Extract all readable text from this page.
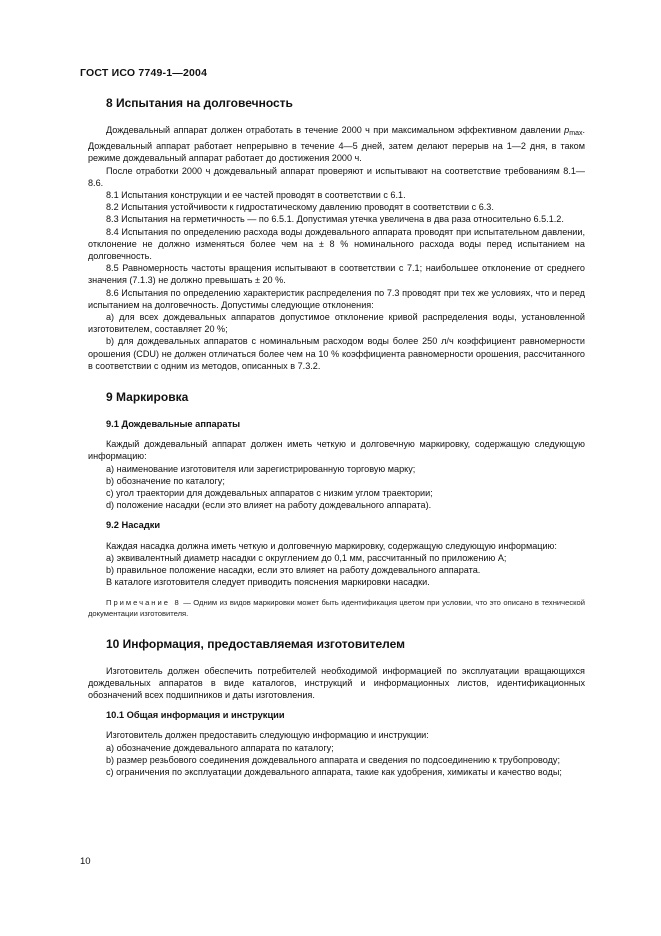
ГОСТ ИСО 7749-1—2004
8 Испытания на долговечность

Дождевальный аппарат должен отработать в течение 2000 ч при максимальном эффективном давлении $p_{max}$. Дождевальный аппарат работает непрерывно в течение 4—5 дней, затем делают перерыв на 1—2 дня, в таком режиме дождевальный аппарат работает до достижения 2000 ч.

После отработки 2000 ч дождевальный аппарат проверяют и испытывают на соответствие требованиям 8.1—8.6.

8.1 Испытания конструкции и ее частей проводят в соответствии с 6.1.

8.2 Испытания устойчивости к гидростатическому давлению проводят в соответствии с 6.3.

8.3 Испытания на герметичность — по 6.5.1. Допустимая утечка увеличена в два раза относительно 6.5.1.2.

8.4 Испытания по определению расхода воды дождевального аппарата проводят при испытательном давлении, отклонение не должно изменяться более чем на ± 8 % номинального расхода воды перед испытанием на долговечность.

8.5 Равномерность частоты вращения испытывают в соответствии с 7.1; наибольшее отклонение от среднего значения (7.1.3) не должно превышать ± 20 %.

8.6 Испытания по определению характеристик распределения по 7.3 проводят при тех же условиях, что и перед испытанием на долговечность. Допустимы следующие отклонения:

a) для всех дождевальных аппаратов допустимое отклонение кривой распределения воды, установленной изготовителем, составляет 20 %;

b) для дождевальных аппаратов с номинальным расходом воды более 250 л/ч коэффициент равномерности орошения (CDU) не должен отличаться более чем на 10 % коэффициента равномерности орошения, рассчитанного в соответствии с одним из методов, описанных в 7.3.2.

9 Маркировка
9.1 Дождевальные аппараты

Каждый дождевальный аппарат должен иметь четкую и долговечную маркировку, содержащую следующую информацию:

a) наименование изготовителя или зарегистрированную торговую марку;

b) обозначение по каталогу;

c) угол траектории для дождевальных аппаратов с низким углом траектории;

d) положение насадки (если это влияет на работу дождевального аппарата).

9.2 Насадки

Каждая насадка должна иметь четкую и долговечную маркировку, содержащую следующую информацию:

a) эквивалентный диаметр насадки с округлением до 0,1 мм, рассчитанный по приложению А;

b) правильное положение насадки, если это влияет на работу дождевального аппарата.

В каталоге изготовителя следует приводить пояснения маркировки насадки.

Примечание 8 — Одним из видов маркировки может быть идентификация цветом при условии, что это описано в технической документации изготовителя.

10 Информация, предоставляемая изготовителем

Изготовитель должен обеспечить потребителей необходимой информацией по эксплуатации вращающихся дождевальных аппаратов в виде каталогов, инструкций и информационных листов, идентификационных обозначений всех подшипников и даты изготовления.

10.1 Общая информация и инструкции

Изготовитель должен предоставить следующую информацию и инструкции:

a) обозначение дождевального аппарата по каталогу;

b) размер резьбового соединения дождевального аппарата и сведения по подсоединению к трубопроводу;

c) ограничения по эксплуатации дождевального аппарата, такие как удобрения, химикаты и качество воды;

10
